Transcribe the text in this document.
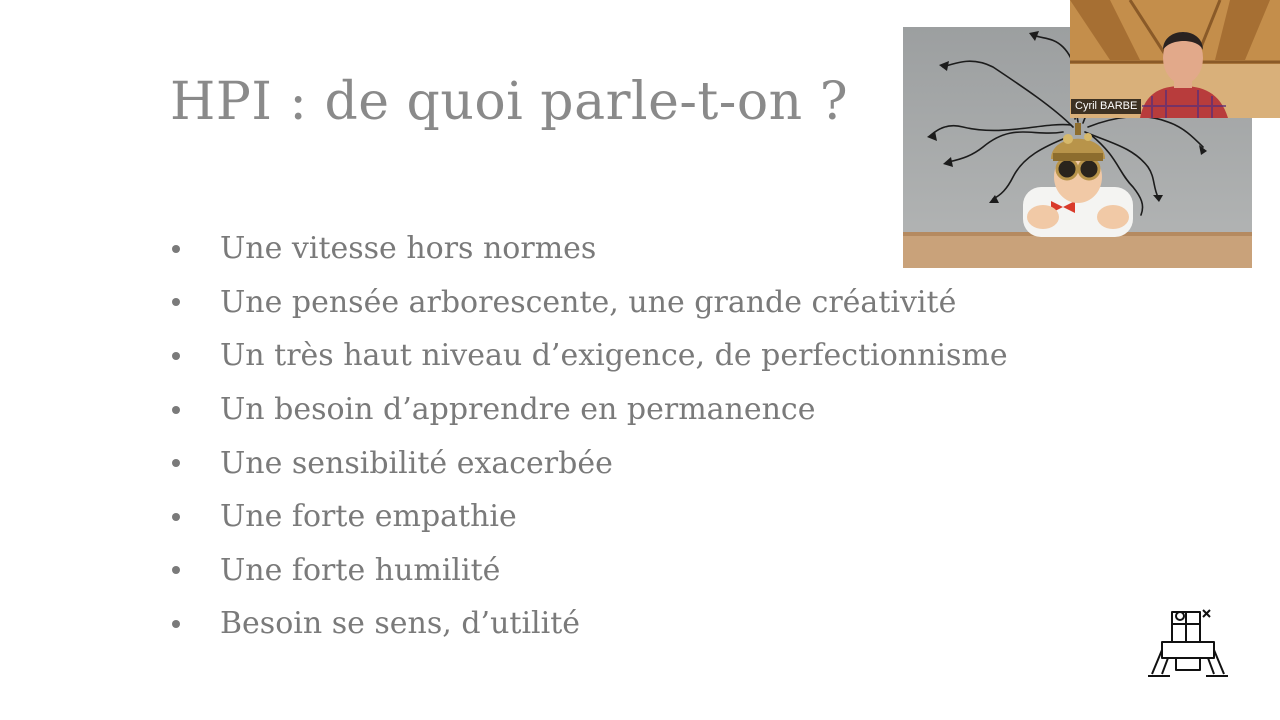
HPI : de quoi parle-t-on ?
Une vitesse hors normes
Une pensée arborescente, une grande créativité
Un très haut niveau d’exigence, de perfectionnisme
Un besoin d’apprendre en permanence
Une sensibilité exacerbée
Une forte empathie
Une forte humilité
Besoin se sens, d’utilité
Cyril BARBE
